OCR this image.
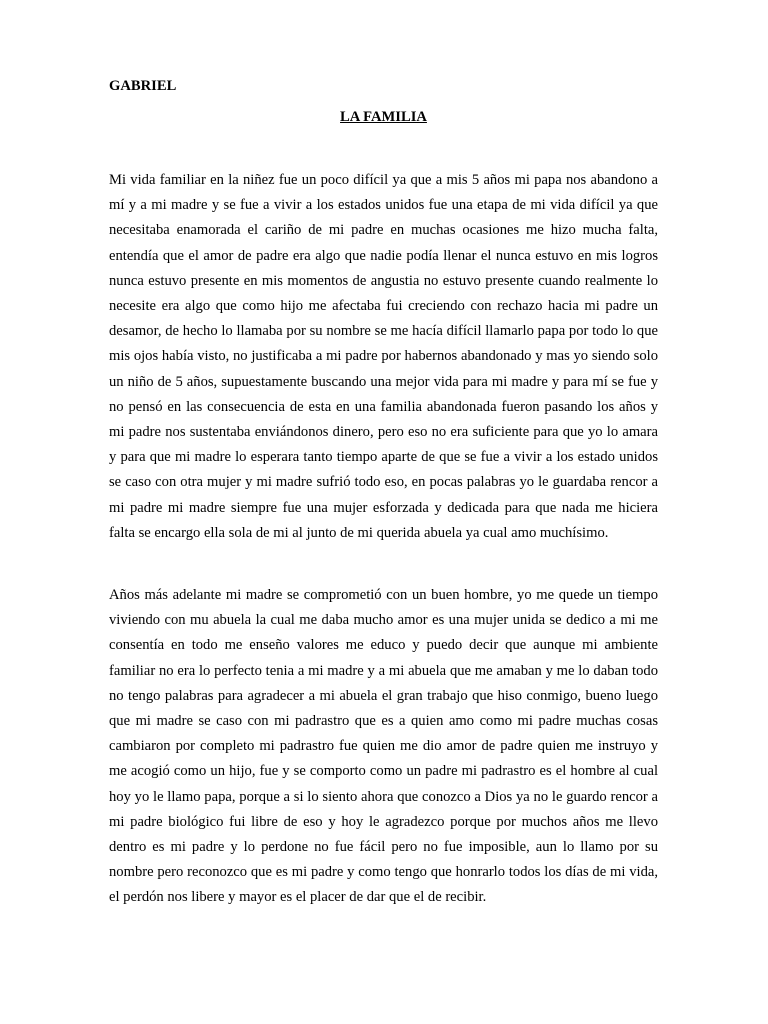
GABRIEL
LA FAMILIA

Mi vida familiar en la niñez fue un poco difícil ya que a mis 5 años mi papa nos abandono a mí y a mi madre y se fue a vivir a los estados unidos fue una etapa de mi vida difícil ya que necesitaba enamorada el cariño de mi padre en muchas ocasiones me hizo mucha falta, entendía que el amor de padre era algo que nadie podía llenar el nunca estuvo en mis logros nunca estuvo presente en mis momentos de angustia no estuvo presente cuando realmente lo necesite era algo que como hijo me afectaba fui creciendo con rechazo hacia mi padre un desamor, de hecho lo llamaba por su nombre se me hacía difícil llamarlo papa por todo lo que mis ojos había visto, no justificaba a mi padre por habernos abandonado y mas yo siendo solo un niño de 5 años, supuestamente buscando una mejor vida para mi madre y para mí se fue y no pensó en las consecuencia de esta en una familia abandonada fueron pasando los años y mi padre nos sustentaba enviándonos dinero, pero eso no era suficiente para que yo lo amara y para que mi madre lo esperara tanto tiempo aparte de que se fue a vivir a los estado unidos se caso con otra mujer y mi madre sufrió todo eso, en pocas palabras yo le guardaba rencor a mi padre mi madre siempre fue una mujer esforzada y dedicada para que nada me hiciera falta se encargo ella sola de mi al junto de mi querida abuela ya cual amo muchísimo.

Años más adelante mi madre se comprometió con un buen hombre, yo me quede un tiempo viviendo con mu abuela la cual me daba mucho amor es una mujer unida se dedico a mi me consentía en todo me enseño valores me educo y puedo decir que aunque mi ambiente familiar no era lo perfecto tenia a mi madre y a mi abuela que me amaban y me lo daban todo no tengo palabras para agradecer a mi abuela el gran trabajo que hiso conmigo, bueno luego que mi madre se caso con mi padrastro que es a quien amo como mi padre muchas cosas cambiaron por completo mi padrastro fue quien me dio amor de padre quien me instruyo y me acogió como un hijo, fue y se comporto como un padre mi padrastro es el hombre al cual hoy yo le llamo papa, porque a si lo siento ahora que conozco a Dios ya no le guardo rencor a mi padre biológico fui libre de eso y hoy le agradezco porque por muchos años me llevo dentro es mi padre y lo perdone no fue fácil pero no fue imposible, aun lo llamo por su nombre pero reconozco que es mi padre y como tengo que honrarlo todos los días de mi vida, el perdón nos libere y mayor es el placer de dar que el de recibir.
